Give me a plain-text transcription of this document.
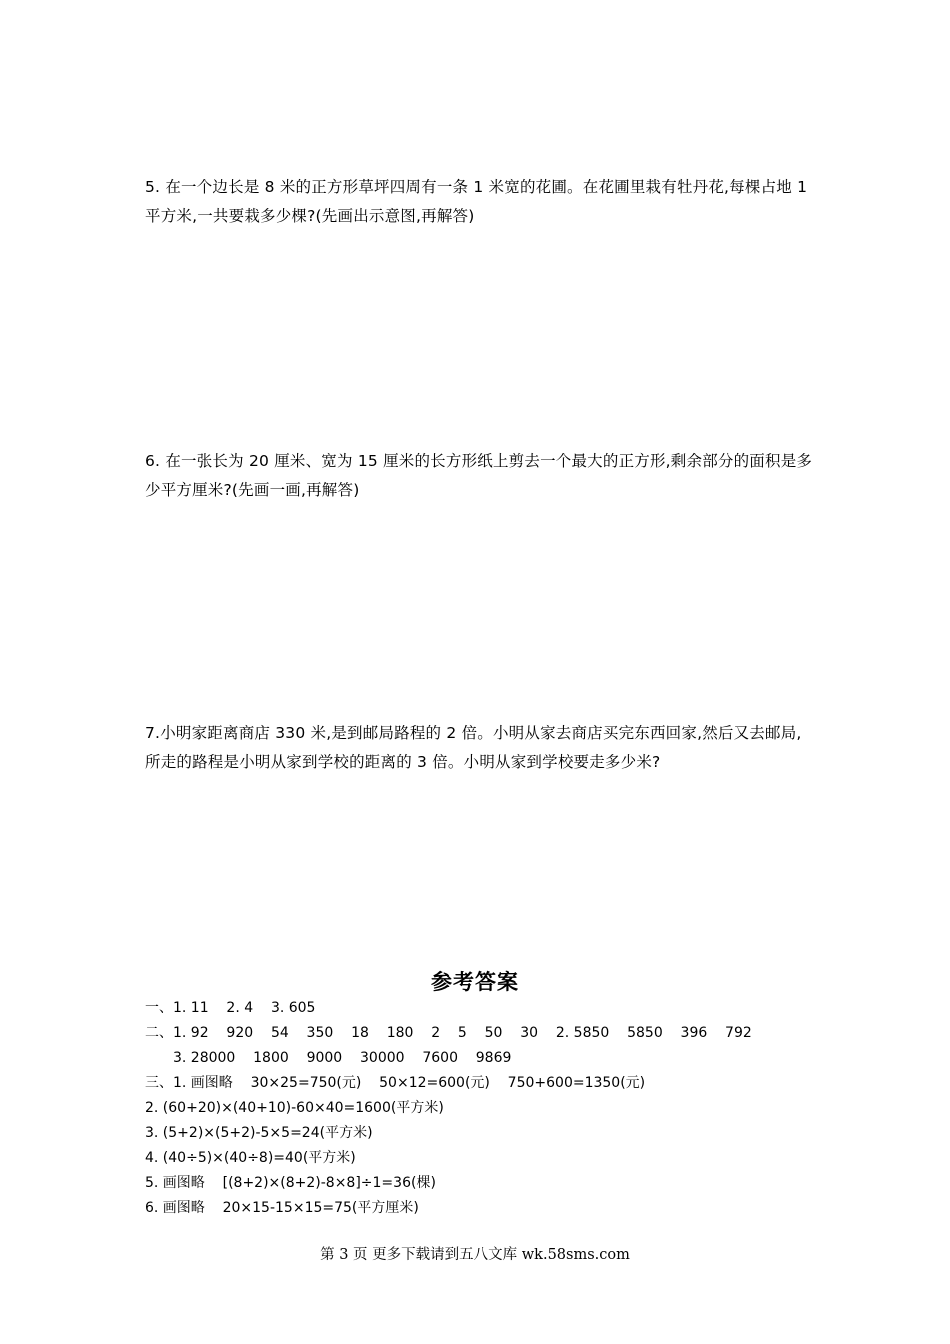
5. 在一个边长是 8 米的正方形草坪四周有一条 1 米宽的花圃。在花圃里栽有牡丹花,每棵占地 1 平方米,一共要栽多少棵?(先画出示意图,再解答)
6. 在一张长为 20 厘米、宽为 15 厘米的长方形纸上剪去一个最大的正方形,剩余部分的面积是多少平方厘米?(先画一画,再解答)
7.小明家距离商店 330 米,是到邮局路程的 2 倍。小明从家去商店买完东西回家,然后又去邮局,所走的路程是小明从家到学校的距离的 3 倍。小明从家到学校要走多少米?
参考答案
一、1. 11    2. 4    3. 605
二、1. 92    920    54    350    18    180    2    5    50    30    2. 5850    5850    396    792
3. 28000    1800    9000    30000    7600    9869
三、1. 画图略    30×25=750(元)    50×12=600(元)    750+600=1350(元)
2. (60+20)×(40+10)-60×40=1600(平方米)
3. (5+2)×(5+2)-5×5=24(平方米)
4. (40÷5)×(40÷8)=40(平方米)
5. 画图略    [(8+2)×(8+2)-8×8]÷1=36(棵)
6. 画图略    20×15-15×15=75(平方厘米)
第 3 页 更多下载请到五八文库 wk.58sms.com
